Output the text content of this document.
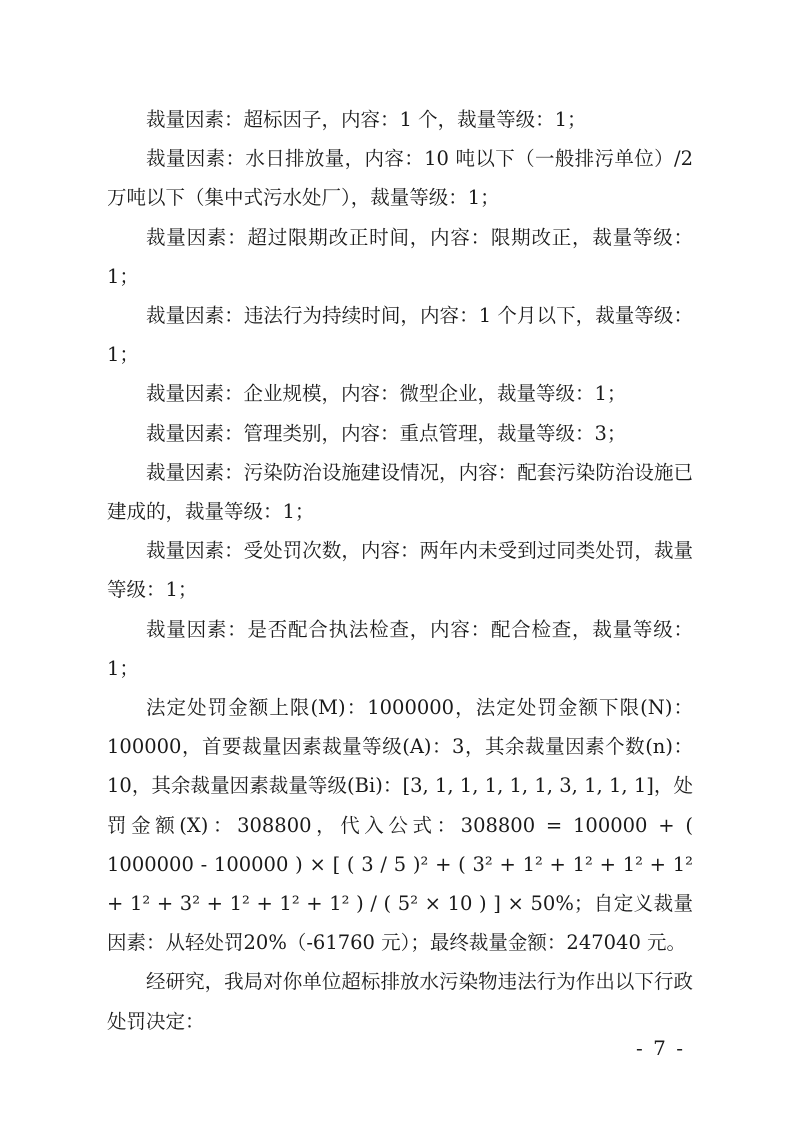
裁量因素：超标因子，内容：1 个，裁量等级：1；

裁量因素：水日排放量，内容：10 吨以下（一般排污单位）/2 万吨以下（集中式污水处厂），裁量等级：1；

裁量因素：超过限期改正时间，内容：限期改正，裁量等级：1；

裁量因素：违法行为持续时间，内容：1 个月以下，裁量等级：1；

裁量因素：企业规模，内容：微型企业，裁量等级：1；

裁量因素：管理类别，内容：重点管理，裁量等级：3；

裁量因素：污染防治设施建设情况，内容：配套污染防治设施已建成的，裁量等级：1；

裁量因素：受处罚次数，内容：两年内未受到过同类处罚，裁量等级：1；

裁量因素：是否配合执法检查，内容：配合检查，裁量等级：1；

法定处罚金额上限(M)：1000000，法定处罚金额下限(N)：100000，首要裁量因素裁量等级(A)：3，其余裁量因素个数(n)：10，其余裁量因素裁量等级(Bi)：[3, 1, 1, 1, 1, 1, 3, 1, 1, 1]，处罚金额(X)：308800，代入公式：308800 = 100000 + ( 1000000 - 100000 ) × [ ( 3 / 5 )² + ( 3² + 1² + 1² + 1² + 1² + 1² + 3² + 1² + 1² + 1² ) / ( 5² × 10 ) ] × 50%；自定义裁量因素：从轻处罚20%（-61760 元）；最终裁量金额：247040 元。

经研究，我局对你单位超标排放水污染物违法行为作出以下行政处罚决定：

- 7 -
